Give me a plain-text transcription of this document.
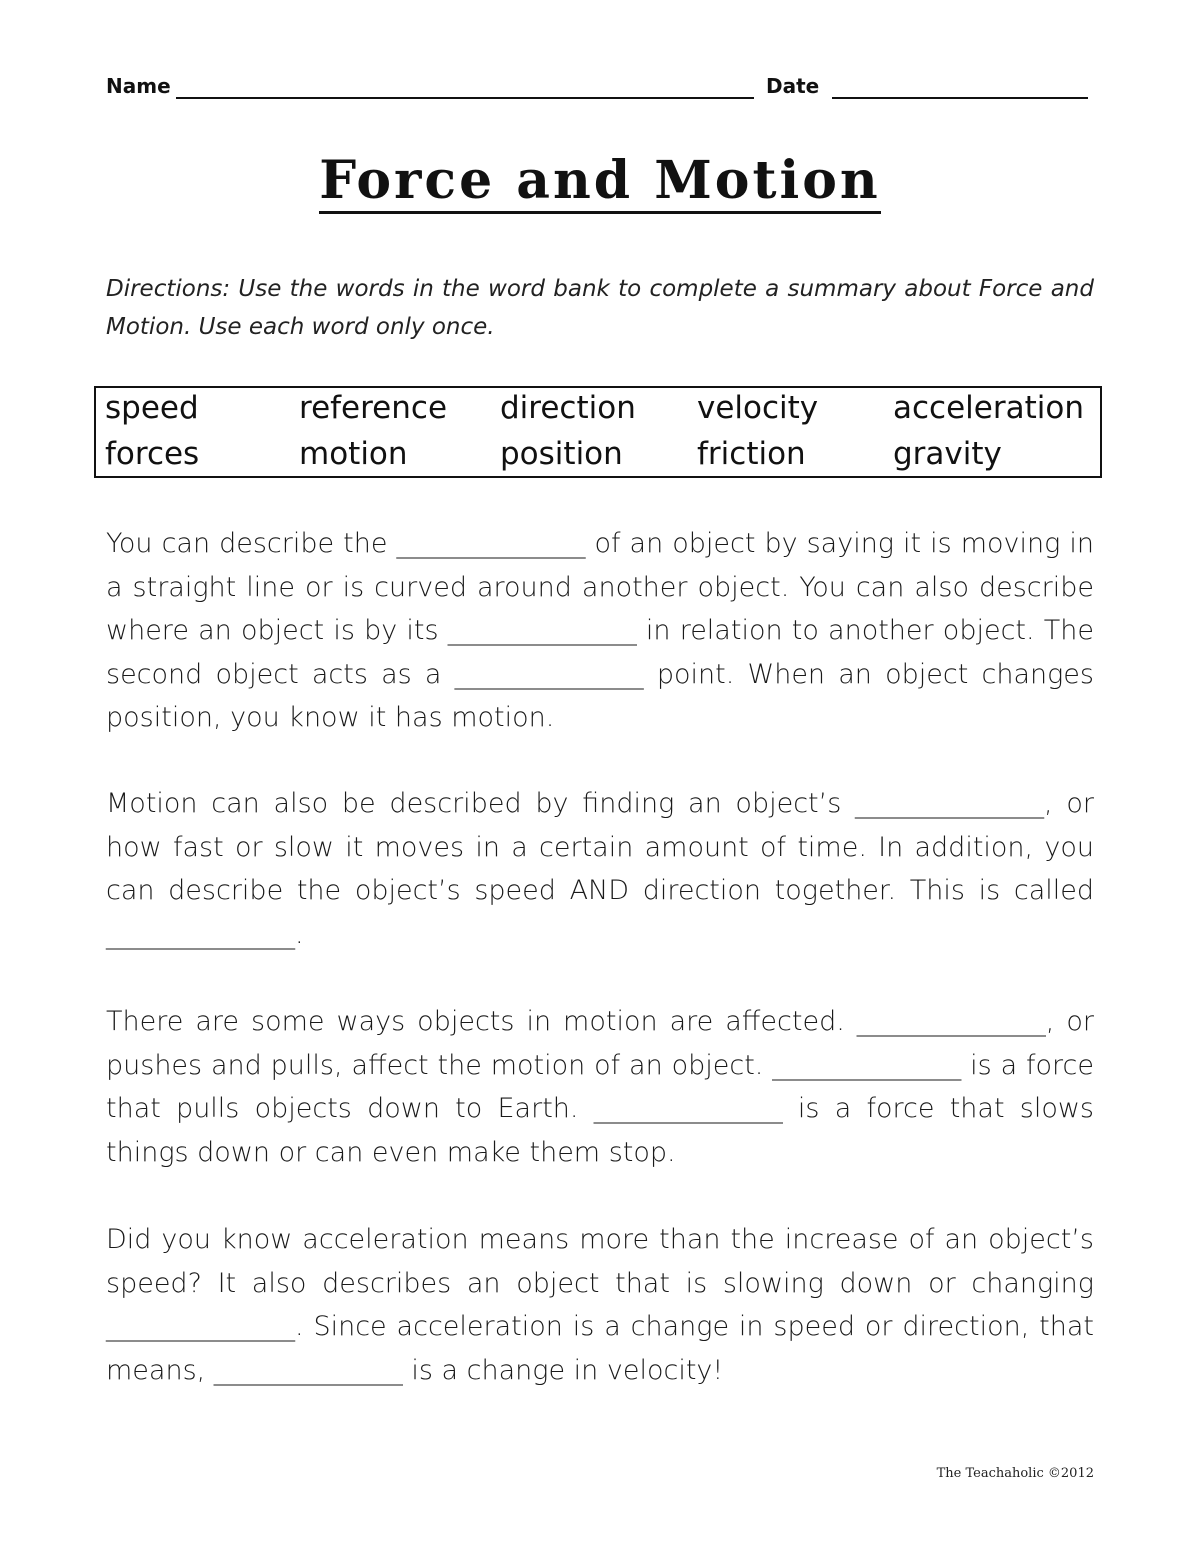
Name	Date
Force and Motion
Directions: Use the words in the word bank to complete a summary about Force and Motion. Use each word only once.
speed	reference direction velocity acceleration
forces	motion	position friction	gravity
You can describe the ______________ of an object by saying it is moving in a straight line or is curved around another object. You can also describe where an object is by its ______________ in relation to another object. The second object acts as a ______________ point. When an object changes position, you know it has motion.
Motion can also be described by finding an object’s ______________, or how fast or slow it moves in a certain amount of time. In addition, you can describe the object’s speed AND direction together. This is called ______________.
There are some ways objects in motion are affected. ______________, or pushes and pulls, affect the motion of an object. ______________ is a force that pulls objects down to Earth. ______________ is a force that slows things down or can even make them stop.
Did you know acceleration means more than the increase of an object’s speed? It also describes an object that is slowing down or changing ______________. Since acceleration is a change in speed or direction, that means, ______________ is a change in velocity!
The Teachaholic ©2012
